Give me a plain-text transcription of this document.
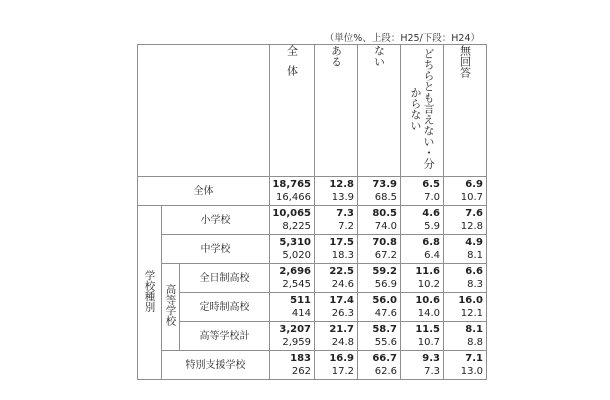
（単位%、上段：H25/下段：H24）
			全体	ある	ない	どちらとも言えない・分からない	無回答
全体			18,765	12.8	73.9	6.5	6.9
			16,466	13.9	68.5	7.0	10.7
学校種別	小学校		10,065	7.3	80.5	4.6	7.6
			8,225	7.2	74.0	5.9	12.8
	中学校		5,310	17.5	70.8	6.8	4.9
			5,020	18.3	67.2	6.4	8.1
	高等学校	全日制高校	2,696	22.5	59.2	11.6	6.6
			2,545	24.6	56.9	10.2	8.3
		定時制高校	511	17.4	56.0	10.6	16.0
			414	26.3	47.6	14.0	12.1
		高等学校計	3,207	21.7	58.7	11.5	8.1
			2,959	24.8	55.6	10.7	8.8
	特別支援学校		183	16.9	66.7	9.3	7.1
			262	17.2	62.6	7.3	13.0
